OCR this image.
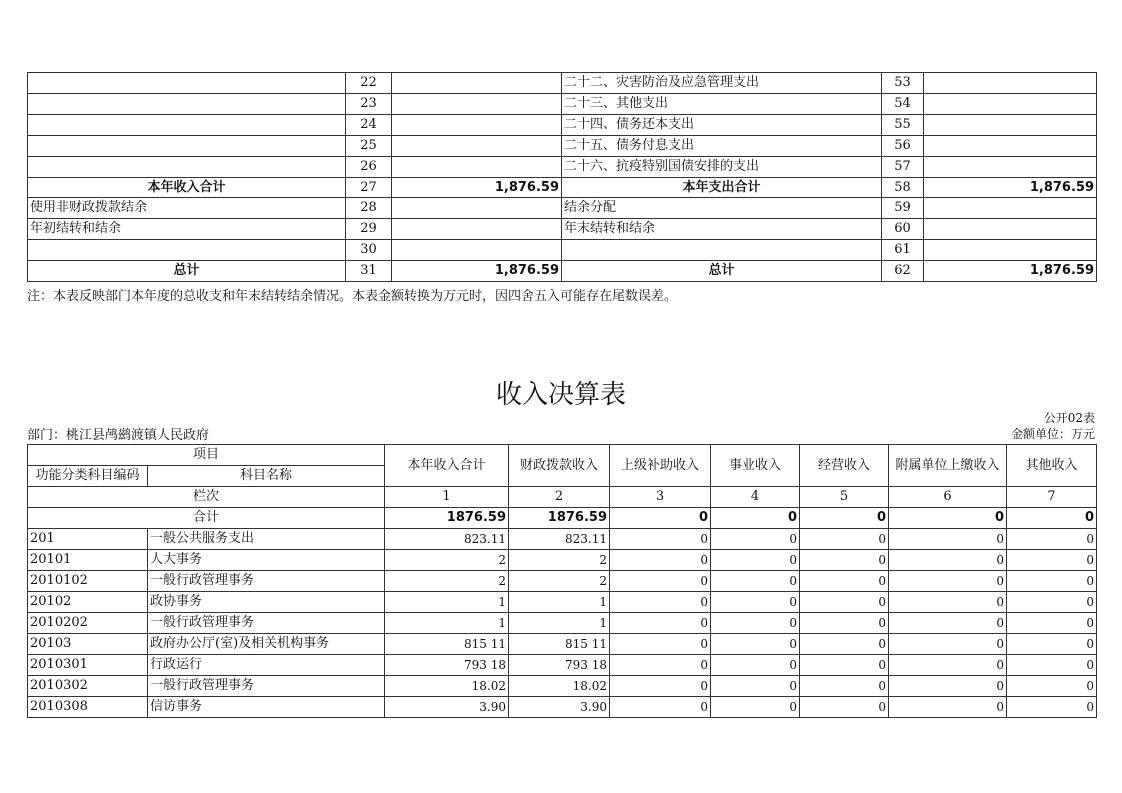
	22		二十二、灾害防治及应急管理支出	53	
	23		二十三、其他支出	54	
	24		二十四、债务还本支出	55	
	25		二十五、债务付息支出	56	
	26		二十六、抗疫特别国债安排的支出	57	
本年收入合计	27	1,876.59	本年支出合计	58	1,876.59
使用非财政拨款结余	28		结余分配	59	
年初结转和结余	29		年末结转和结余	60	
	30			61	
总计	31	1,876.59	总计	62	1,876.59
注：本表反映部门本年度的总收支和年末结转结余情况。本表金额转换为万元时，因四舍五入可能存在尾数误差。
收入决算表
公开02表
部门：桃江县鸬鹚渡镇人民政府	金额单位：万元
项目		本年收入合计	财政拨款收入	上级补助收入	事业收入	经营收入	附属单位上缴收入	其他收入
功能分类科目编码	科目名称							
栏次		1	2	3	4	5	6	7
合计		1876.59	1876.59	0	0	0	0	0
201	一般公共服务支出	823.11	823.11	0	0	0	0	0
20101	人大事务	2	2	0	0	0	0	0
2010102	一般行政管理事务	2	2	0	0	0	0	0
20102	政协事务	1	1	0	0	0	0	0
2010202	一般行政管理事务	1	1	0	0	0	0	0
20103	政府办公厅(室)及相关机构事务	815 11	815 11	0	0	0	0	0
2010301	行政运行	793 18	793 18	0	0	0	0	0
2010302	一般行政管理事务	18.02	18.02	0	0	0	0	0
2010308	信访事务	3.90	3.90	0	0	0	0	0
